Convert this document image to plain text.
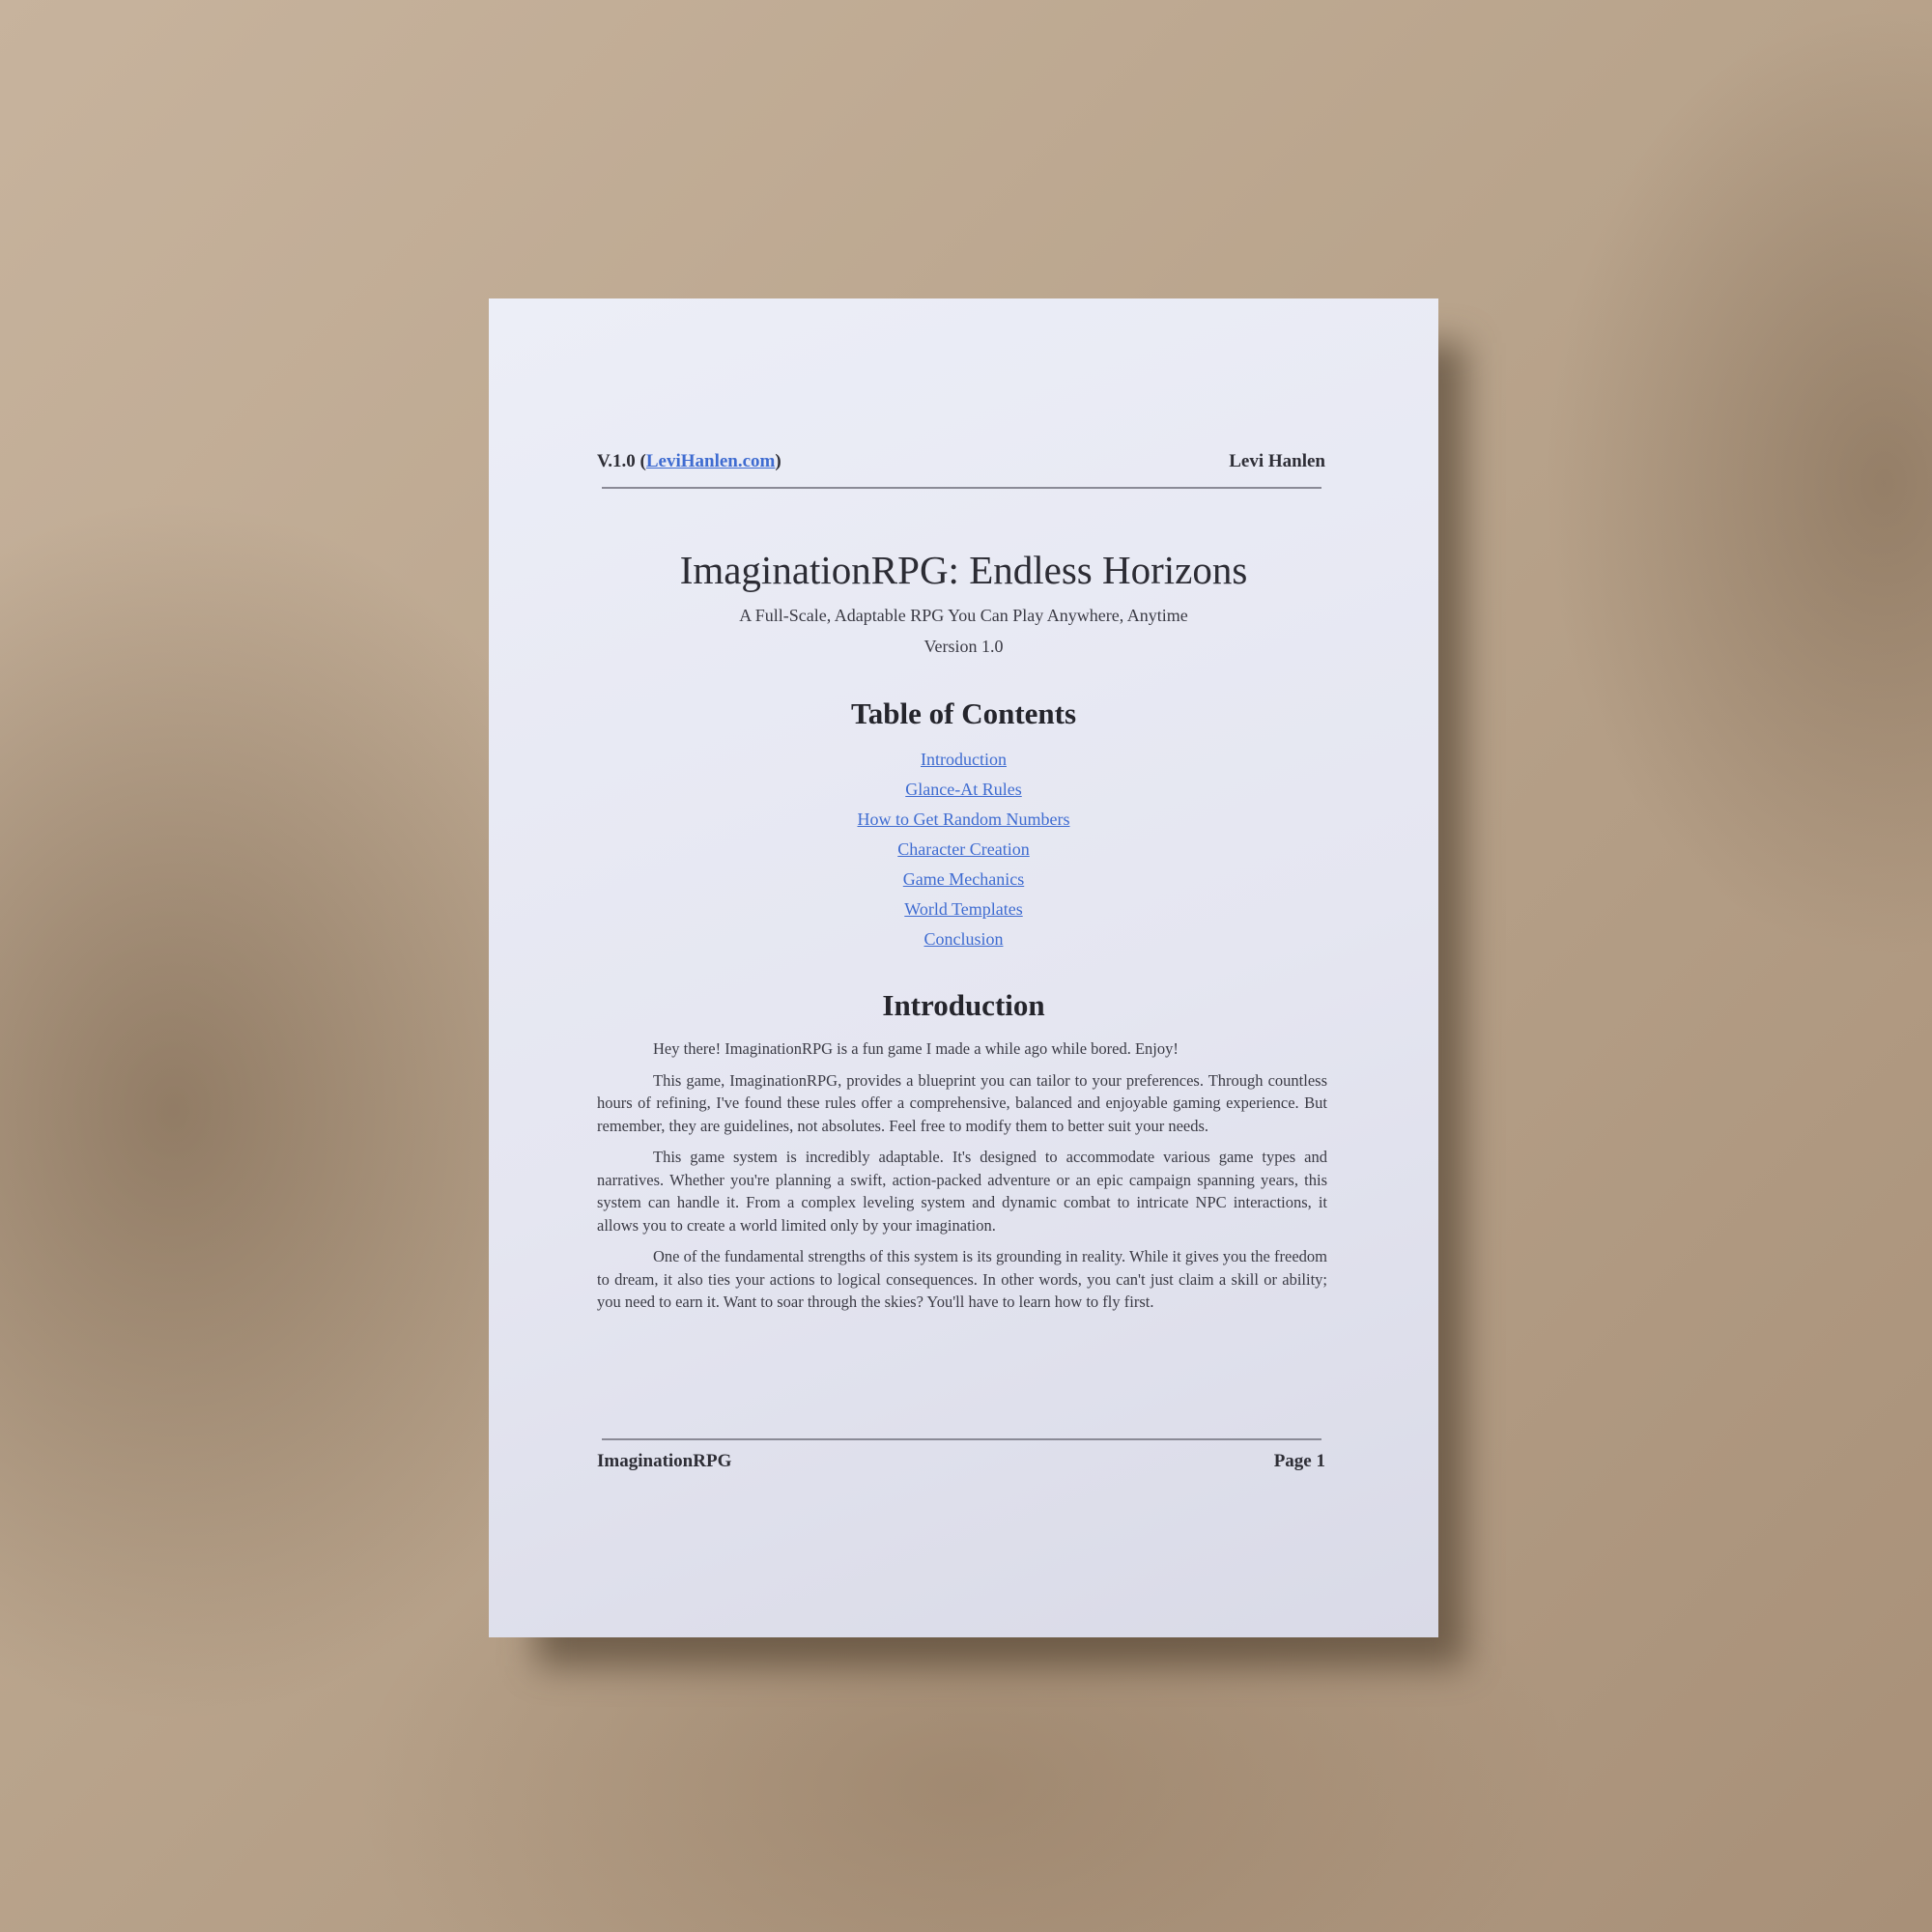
V.1.0 (LeviHanlen.com)	Levi Hanlen
ImaginationRPG: Endless Horizons
A Full-Scale, Adaptable RPG You Can Play Anywhere, Anytime
Version 1.0
Table of Contents
Introduction
Glance-At Rules
How to Get Random Numbers
Character Creation
Game Mechanics
World Templates
Conclusion
Introduction

Hey there! ImaginationRPG is a fun game I made a while ago while bored. Enjoy!

This game, ImaginationRPG, provides a blueprint you can tailor to your preferences. Through countless hours of refining, I've found these rules offer a comprehensive, balanced and enjoyable gaming experience. But remember, they are guidelines, not absolutes. Feel free to modify them to better suit your needs.

This game system is incredibly adaptable. It's designed to accommodate various game types and narratives. Whether you're planning a swift, action-packed adventure or an epic campaign spanning years, this system can handle it. From a complex leveling system and dynamic combat to intricate NPC interactions, it allows you to create a world limited only by your imagination.

One of the fundamental strengths of this system is its grounding in reality. While it gives you the freedom to dream, it also ties your actions to logical consequences. In other words, you can't just claim a skill or ability; you need to earn it. Want to soar through the skies? You'll have to learn how to fly first.

ImaginationRPG	Page 1
